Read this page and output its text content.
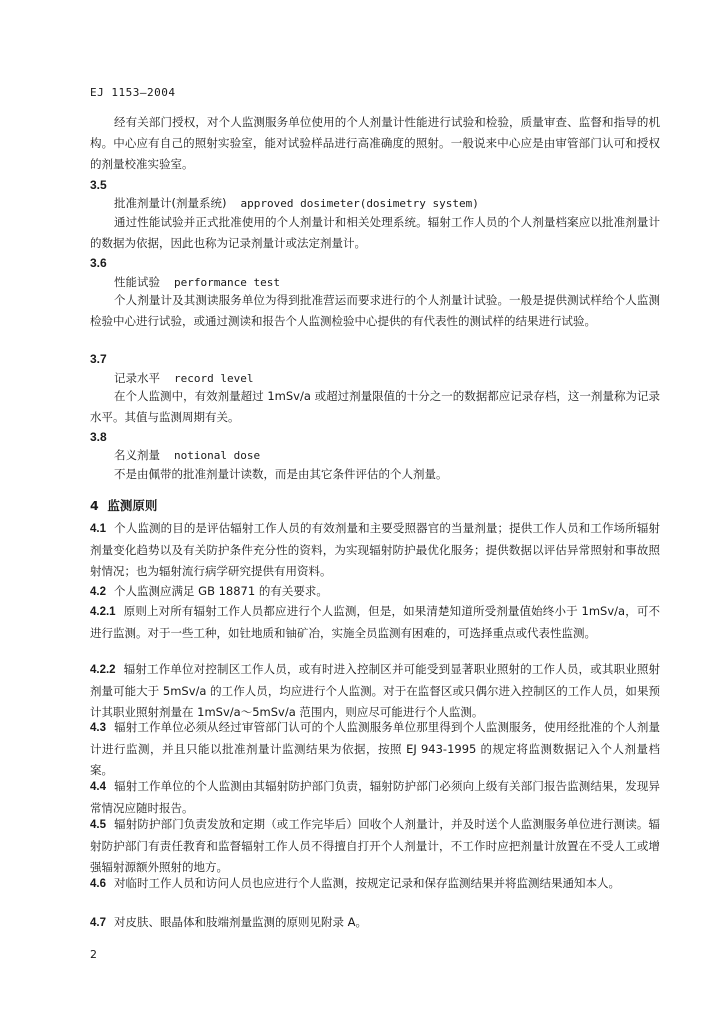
EJ 1153—2004
经有关部门授权，对个人监测服务单位使用的个人剂量计性能进行试验和检验，质量审查、监督和指导的机构。中心应有自己的照射实验室，能对试验样品进行高准确度的照射。一般说来中心应是由审管部门认可和授权的剂量校准实验室。
3.5
批准剂量计(剂量系统) approved dosimeter(dosimetry system)
通过性能试验并正式批准使用的个人剂量计和相关处理系统。辐射工作人员的个人剂量档案应以批准剂量计的数据为依据，因此也称为记录剂量计或法定剂量计。
3.6
性能试验 performance test
个人剂量计及其测读服务单位为得到批准营运而要求进行的个人剂量计试验。一般是提供测试样给个人监测检验中心进行试验，或通过测读和报告个人监测检验中心提供的有代表性的测试样的结果进行试验。
3.7
记录水平 record level
在个人监测中，有效剂量超过 1mSv/a 或超过剂量限值的十分之一的数据都应记录存档，这一剂量称为记录水平。其值与监测周期有关。
3.8
名义剂量 notional dose
不是由佩带的批准剂量计读数，而是由其它条件评估的个人剂量。
4 监测原则
4.1 个人监测的目的是评估辐射工作人员的有效剂量和主要受照器官的当量剂量；提供工作人员和工作场所辐射剂量变化趋势以及有关防护条件充分性的资料，为实现辐射防护最优化服务；提供数据以评估异常照射和事故照射情况；也为辐射流行病学研究提供有用资料。
4.2 个人监测应满足 GB 18871 的有关要求。
4.2.1 原则上对所有辐射工作人员都应进行个人监测，但是，如果清楚知道所受剂量值始终小于 1mSv/a，可不进行监测。对于一些工种，如钍地质和铀矿冶，实施全员监测有困难的，可选择重点或代表性监测。
4.2.2 辐射工作单位对控制区工作人员，或有时进入控制区并可能受到显著职业照射的工作人员，或其职业照射剂量可能大于 5mSv/a 的工作人员，均应进行个人监测。对于在监督区或只偶尔进入控制区的工作人员，如果预计其职业照射剂量在 1mSv/a～5mSv/a 范围内，则应尽可能进行个人监测。
4.3 辐射工作单位必须从经过审管部门认可的个人监测服务单位那里得到个人监测服务，使用经批准的个人剂量计进行监测，并且只能以批准剂量计监测结果为依据，按照 EJ 943-1995 的规定将监测数据记入个人剂量档案。
4.4 辐射工作单位的个人监测由其辐射防护部门负责，辐射防护部门必须向上级有关部门报告监测结果，发现异常情况应随时报告。
4.5 辐射防护部门负责发放和定期（或工作完毕后）回收个人剂量计，并及时送个人监测服务单位进行测读。辐射防护部门有责任教育和监督辐射工作人员不得擅自打开个人剂量计，不工作时应把剂量计放置在不受人工或增强辐射源额外照射的地方。
4.6 对临时工作人员和访问人员也应进行个人监测，按规定记录和保存监测结果并将监测结果通知本人。
4.7 对皮肤、眼晶体和肢端剂量监测的原则见附录 A。
2
